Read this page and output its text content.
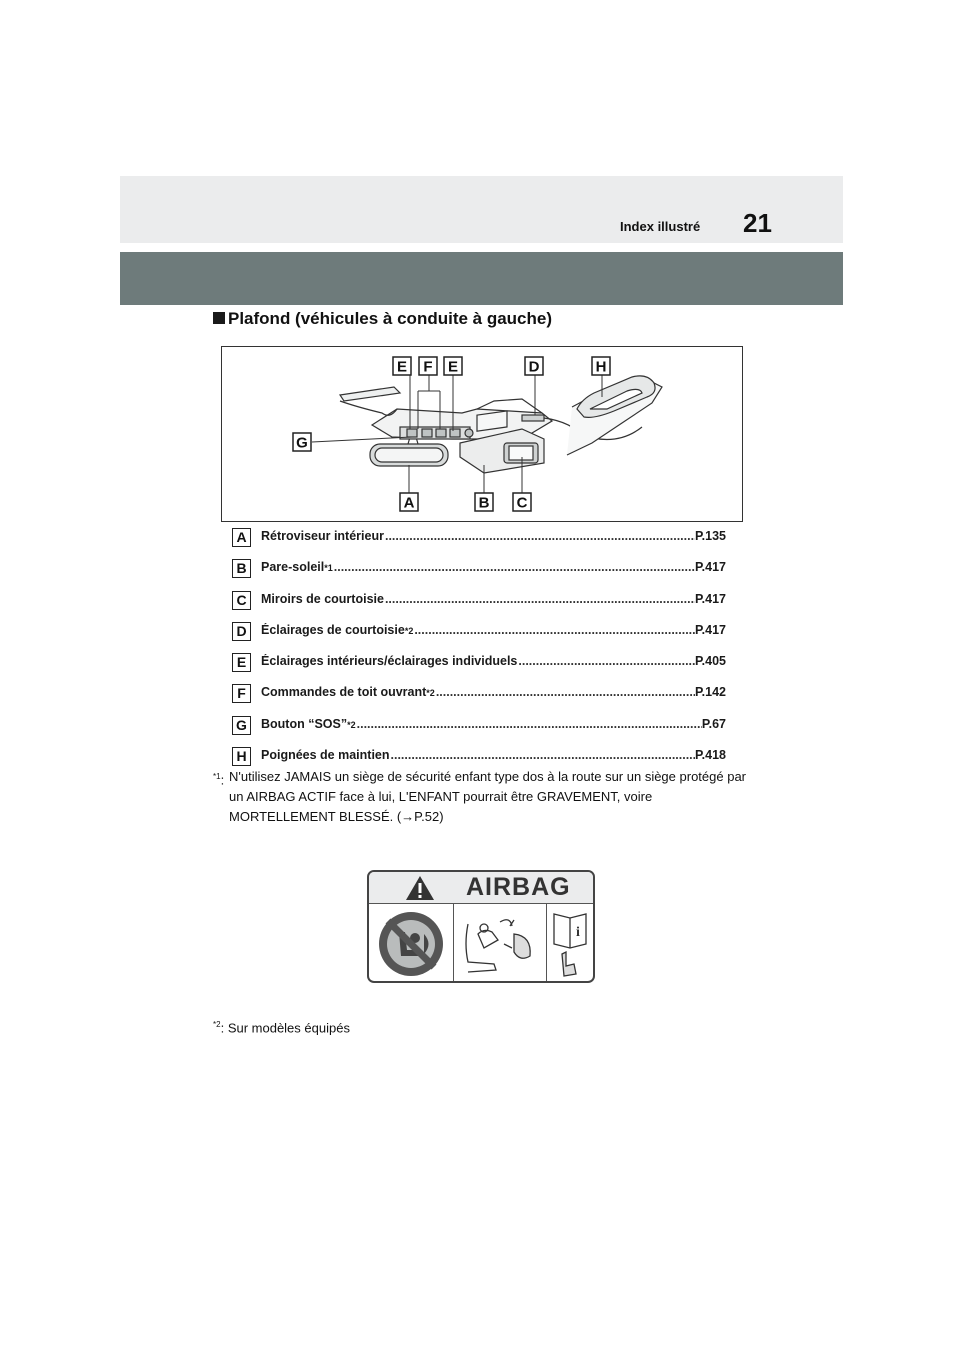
21
Index illustré
Plafond (véhicules à conduite à gauche)
E F E	D	H
G
A	B C
A	Rétroviseur intérieur .....	P.135
B	Pare-soleil *1 .....	P.417
C	Miroirs de courtoisie .....	P.417
D	Éclairages de courtoisie *2 .....	P.417
E	Éclairages intérieurs/éclairages individuels .....	P.405
F	Commandes de toit ouvrant *2 .....	P.142
G	Bouton “SOS” *2 .....	P.67
H	Poignées de maintien .....	P.418
$^{*1}$: N'utilisez JAMAIS un siège de sécurité enfant type dos à la route sur un siège protégé par un AIRBAG ACTIF face à lui, L'ENFANT pourrait être GRAVEMENT, voire MORTELLEMENT BLESSÉ. (→P.52)
AIRBAG
i
$^{*2}$: Sur modèles équipés
